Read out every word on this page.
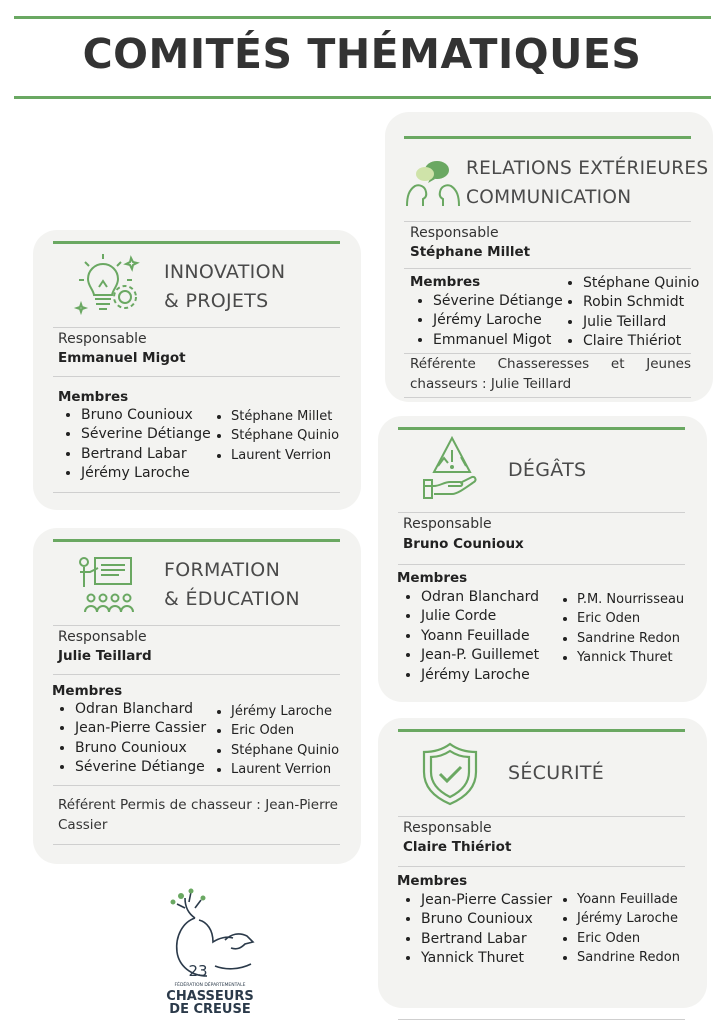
COMITÉS THÉMATIQUES
INNOVATION
& PROJETS
Responsable
Emmanuel Migot
Membres
• Bruno Counioux
• Séverine Détiange
• Bertrand Labar
• Jérémy Laroche
• Stéphane Millet
• Stéphane Quinio
• Laurent Verrion
FORMATION
& ÉDUCATION
Responsable
Julie Teillard
Membres
• Odran Blanchard
• Jean-Pierre Cassier
• Bruno Counioux
• Séverine Détiange
• Jérémy Laroche
• Eric Oden
• Stéphane Quinio
• Laurent Verrion
Référent Permis de chasseur : Jean-Pierre Cassier
RELATIONS EXTÉRIEURES
COMMUNICATION
Responsable
Stéphane Millet
Membres
• Séverine Détiange
• Jérémy Laroche
• Emmanuel Migot
• Stéphane Quinio
• Robin Schmidt
• Julie Teillard
• Claire Thiériot
Référente Chasseresses et Jeunes chasseurs : Julie Teillard
DÉGÂTS
Responsable
Bruno Counioux
Membres
• Odran Blanchard
• Julie Corde
• Yoann Feuillade
• Jean-P. Guillemet
• Jérémy Laroche
• P.M. Nourrisseau
• Eric Oden
• Sandrine Redon
• Yannick Thuret
SÉCURITÉ
Responsable
Claire Thiériot
Membres
• Jean-Pierre Cassier
• Bruno Counioux
• Bertrand Labar
• Yannick Thuret
• Yoann Feuillade
• Jérémy Laroche
• Eric Oden
• Sandrine Redon
23
FÉDÉRATION DÉPARTEMENTALE
CHASSEURS
DE CREUSE
